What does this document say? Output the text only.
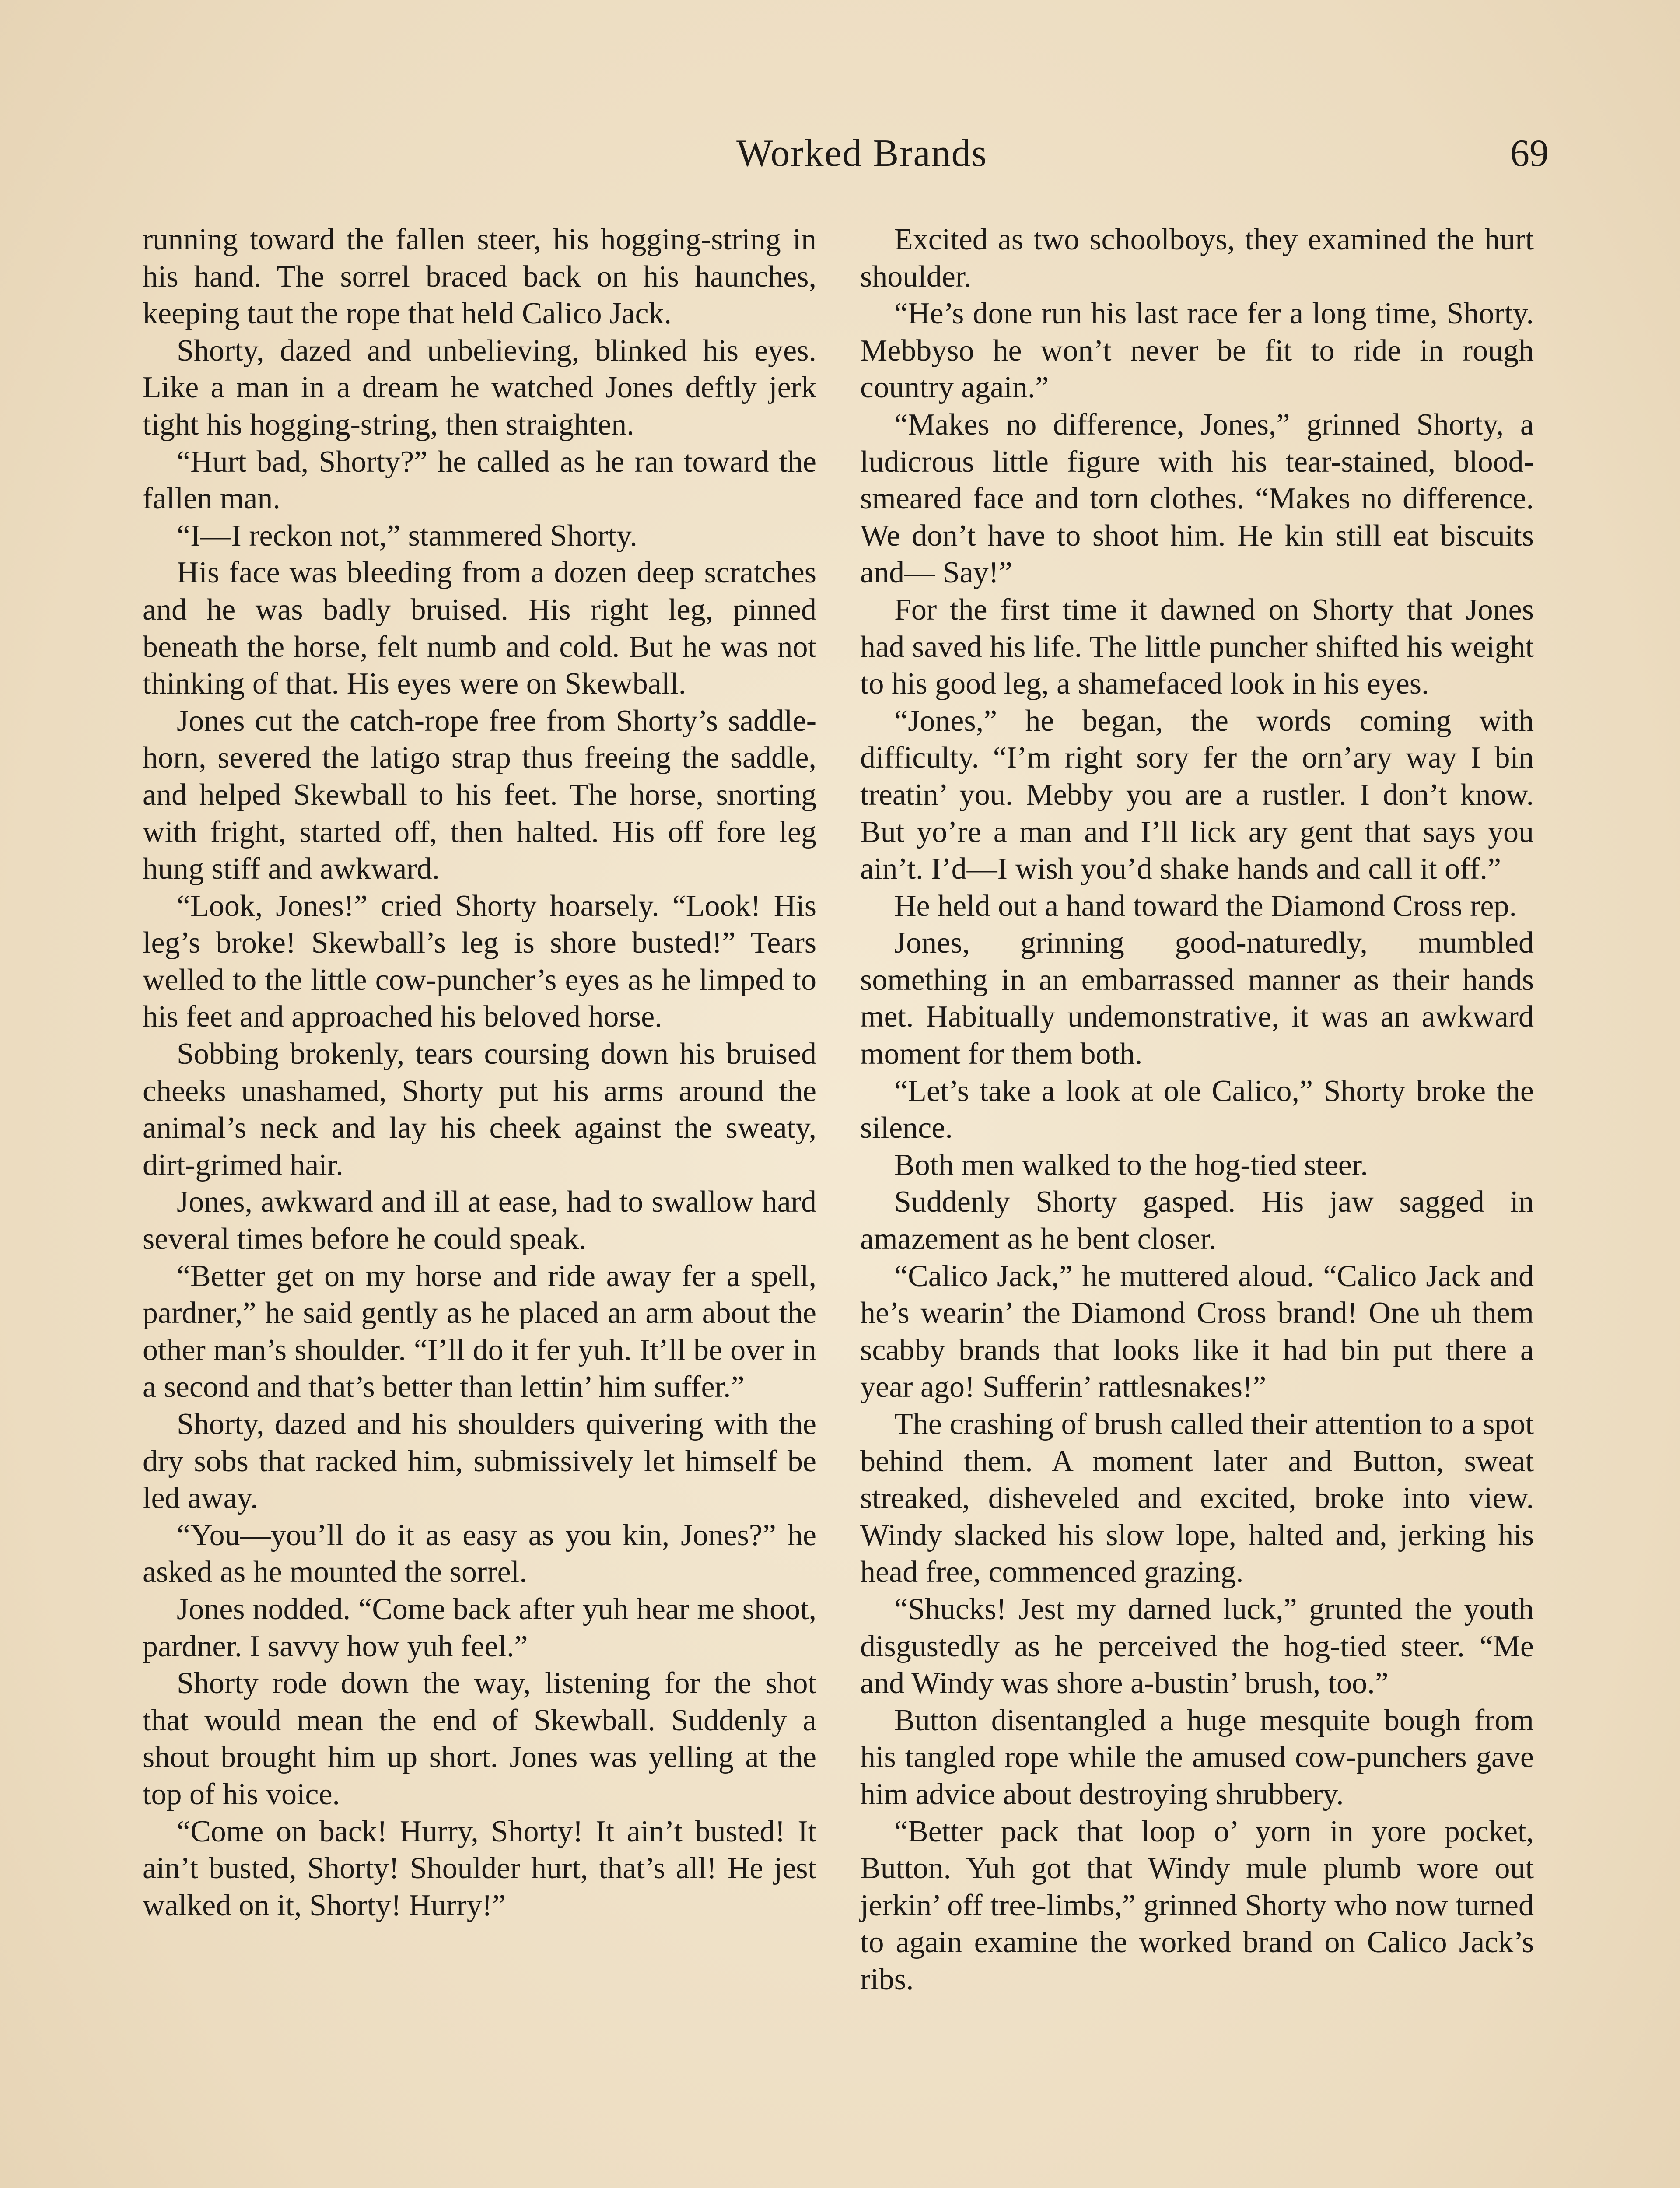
Worked Brands	69

running toward the fallen steer, his hogging-string in his hand. The sorrel braced back on his haunches, keeping taut the rope that held Calico Jack.

Shorty, dazed and unbelieving, blinked his eyes. Like a man in a dream he watched Jones deftly jerk tight his hogging-string, then straighten.

“Hurt bad, Shorty?” he called as he ran toward the fallen man.

“I—I reckon not,” stammered Shorty.

His face was bleeding from a dozen deep scratches and he was badly bruised. His right leg, pinned beneath the horse, felt numb and cold. But he was not thinking of that. His eyes were on Skewball.

Jones cut the catch-rope free from Shorty’s saddle-horn, severed the latigo strap thus freeing the saddle, and helped Skewball to his feet. The horse, snorting with fright, started off, then halted. His off fore leg hung stiff and awkward.

“Look, Jones!” cried Shorty hoarsely. “Look! His leg’s broke! Skewball’s leg is shore busted!” Tears welled to the little cow-puncher’s eyes as he limped to his feet and approached his beloved horse.

Sobbing brokenly, tears coursing down his bruised cheeks unashamed, Shorty put his arms around the animal’s neck and lay his cheek against the sweaty, dirt-grimed hair.

Jones, awkward and ill at ease, had to swallow hard several times before he could speak.

“Better get on my horse and ride away fer a spell, pardner,” he said gently as he placed an arm about the other man’s shoulder. “I’ll do it fer yuh. It’ll be over in a second and that’s better than lettin’ him suffer.”

Shorty, dazed and his shoulders quivering with the dry sobs that racked him, submissively let himself be led away.

“You—you’ll do it as easy as you kin, Jones?” he asked as he mounted the sorrel.

Jones nodded. “Come back after yuh hear me shoot, pardner. I savvy how yuh feel.”

Shorty rode down the way, listening for the shot that would mean the end of Skewball. Suddenly a shout brought him up short. Jones was yelling at the top of his voice.

“Come on back! Hurry, Shorty! It ain’t busted! It ain’t busted, Shorty! Shoulder hurt, that’s all! He jest walked on it, Shorty! Hurry!”

Excited as two schoolboys, they examined the hurt shoulder.

“He’s done run his last race fer a long time, Shorty. Mebbyso he won’t never be fit to ride in rough country again.”

“Makes no difference, Jones,” grinned Shorty, a ludicrous little figure with his tear-stained, blood-smeared face and torn clothes. “Makes no difference. We don’t have to shoot him. He kin still eat biscuits and— Say!”

For the first time it dawned on Shorty that Jones had saved his life. The little puncher shifted his weight to his good leg, a shamefaced look in his eyes.

“Jones,” he began, the words coming with difficulty. “I’m right sory fer the orn’ary way I bin treatin’ you. Mebby you are a rustler. I don’t know. But yo’re a man and I’ll lick ary gent that says you ain’t. I’d—I wish you’d shake hands and call it off.”

He held out a hand toward the Diamond Cross rep.

Jones, grinning good-naturedly, mumbled something in an embarrassed manner as their hands met. Habitually undemonstrative, it was an awkward moment for them both.

“Let’s take a look at ole Calico,” Shorty broke the silence.

Both men walked to the hog-tied steer.

Suddenly Shorty gasped. His jaw sagged in amazement as he bent closer.

“Calico Jack,” he muttered aloud. “Calico Jack and he’s wearin’ the Diamond Cross brand! One uh them scabby brands that looks like it had bin put there a year ago! Sufferin’ rattlesnakes!”

The crashing of brush called their attention to a spot behind them. A moment later and Button, sweat streaked, disheveled and excited, broke into view. Windy slacked his slow lope, halted and, jerking his head free, commenced grazing.

“Shucks! Jest my darned luck,” grunted the youth disgustedly as he perceived the hog-tied steer. “Me and Windy was shore a-bustin’ brush, too.”

Button disentangled a huge mesquite bough from his tangled rope while the amused cow-punchers gave him advice about destroying shrubbery.

“Better pack that loop o’ yorn in yore pocket, Button. Yuh got that Windy mule plumb wore out jerkin’ off tree-limbs,” grinned Shorty who now turned to again examine the worked brand on Calico Jack’s ribs.
